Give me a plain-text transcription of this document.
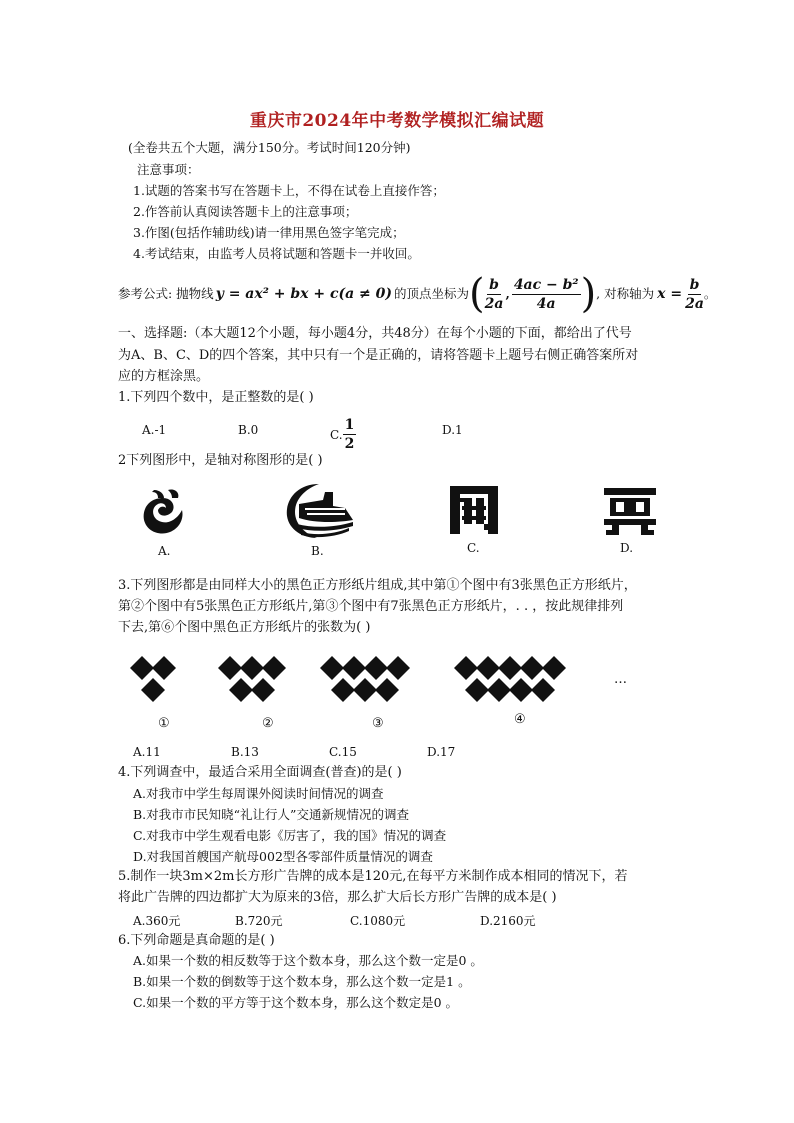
重庆市2024年中考数学模拟汇编试题
(全卷共五个大题，满分150分。考试时间120分钟)
注意事项：
1.试题的答案书写在答题卡上，不得在试卷上直接作答；
2.作答前认真阅读答题卡上的注意事项；
3.作图(包括作辅助线)请一律用黑色签字笔完成；
4.考试结束，由监考人员将试题和答题卡一并收回。
参考公式: 抛物线 y = ax² + bx + c(a ≠ 0) 的顶点坐标为 ( b
2a
,
4ac − b²
4a ) , 对称轴为 $x = \frac{b}{2a}$ 。
一、选择题:（本大题12个小题，每小题4分，共48分）在每个小题的下面，都给出了代号
为A、B、C、D的四个答案，其中只有一个是正确的，请将答题卡上题号右侧正确答案所对
应的方框涂黑。
1.下列四个数中，是正整数的是( )
A.-1	B.0	C.
1
2
D.1
2下列图形中，是轴对称图形的是( )
A.	B.	C.	D.
3.下列图形都是由同样大小的黑色正方形纸片组成,其中第①个图中有3张黑色正方形纸片，
第②个图中有5张黑色正方形纸片,第③个图中有7张黑色正方形纸片，. . ，按此规律排列
下去,第⑥个图中黑色正方形纸片的张数为( )
①	②	③	④
…
A.11	B.13	C.15	D.17
4.下列调查中，最适合采用全面调查(普查)的是( )
A.对我市中学生每周课外阅读时间情况的调查
B.对我市市民知晓“礼让行人”交通新规情况的调查
C.对我市中学生观看电影《厉害了，我的国》情况的调查
D.对我国首艘国产航母002型各零部件质量情况的调查
5.制作一块3m×2m长方形广告牌的成本是120元,在每平方米制作成本相同的情况下，若
将此广告牌的四边都扩大为原来的3倍，那么扩大后长方形广告牌的成本是( )
A.360元	B.720元	C.1080元	D.2160元
6.下列命题是真命题的是( )
A.如果一个数的相反数等于这个数本身，那么这个数一定是0 。
B.如果一个数的倒数等于这个数本身，那么这个数一定是1 。
C.如果一个数的平方等于这个数本身，那么这个数定是0 。
